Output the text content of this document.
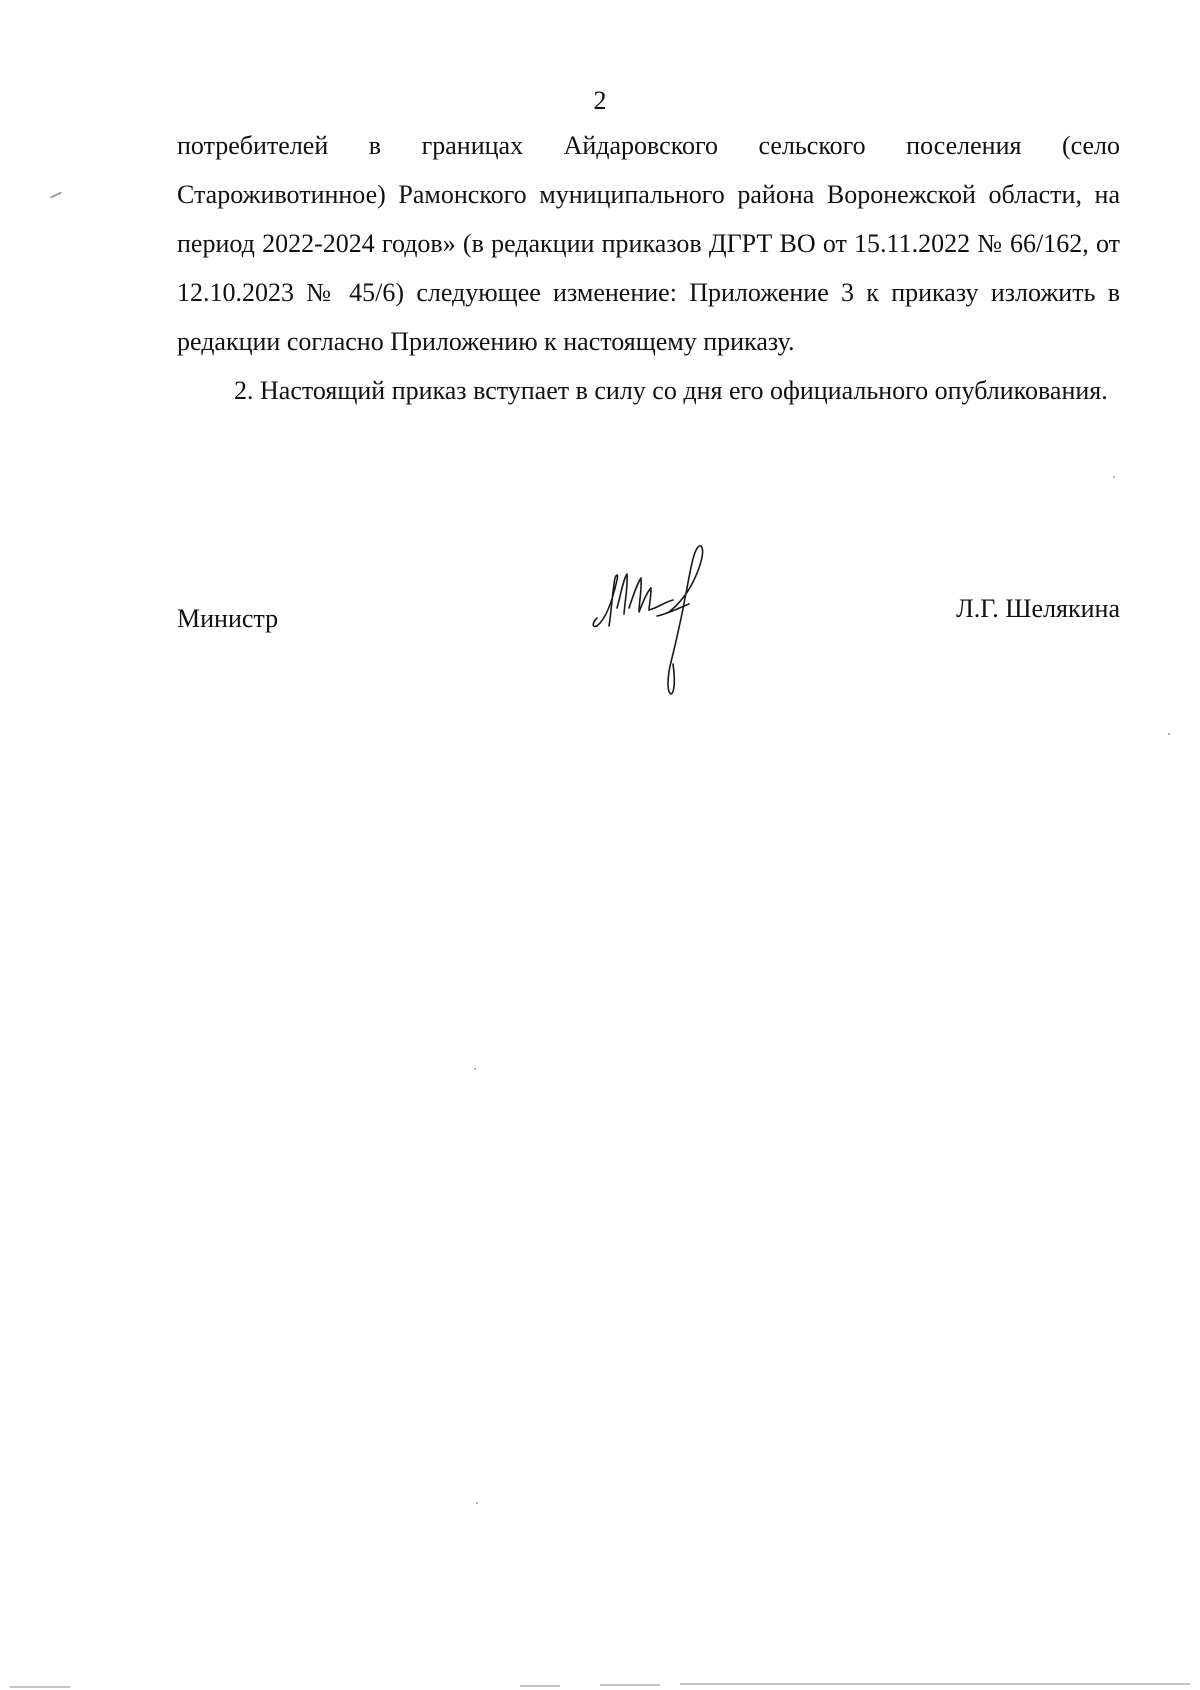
2

потребителей в границах Айдаровского сельского поселения (село Староживотинное) Рамонского муниципального района Воронежской области, на период 2022-2024 годов» (в редакции приказов ДГРТ ВО от 15.11.2022 № 66/162, от 12.10.2023 № 45/6) следующее изменение: Приложение 3 к приказу изложить в редакции согласно Приложению к настоящему приказу.

2. Настоящий приказ вступает в силу со дня его официального опубликования.

Министр	Л.Г. Шелякина
